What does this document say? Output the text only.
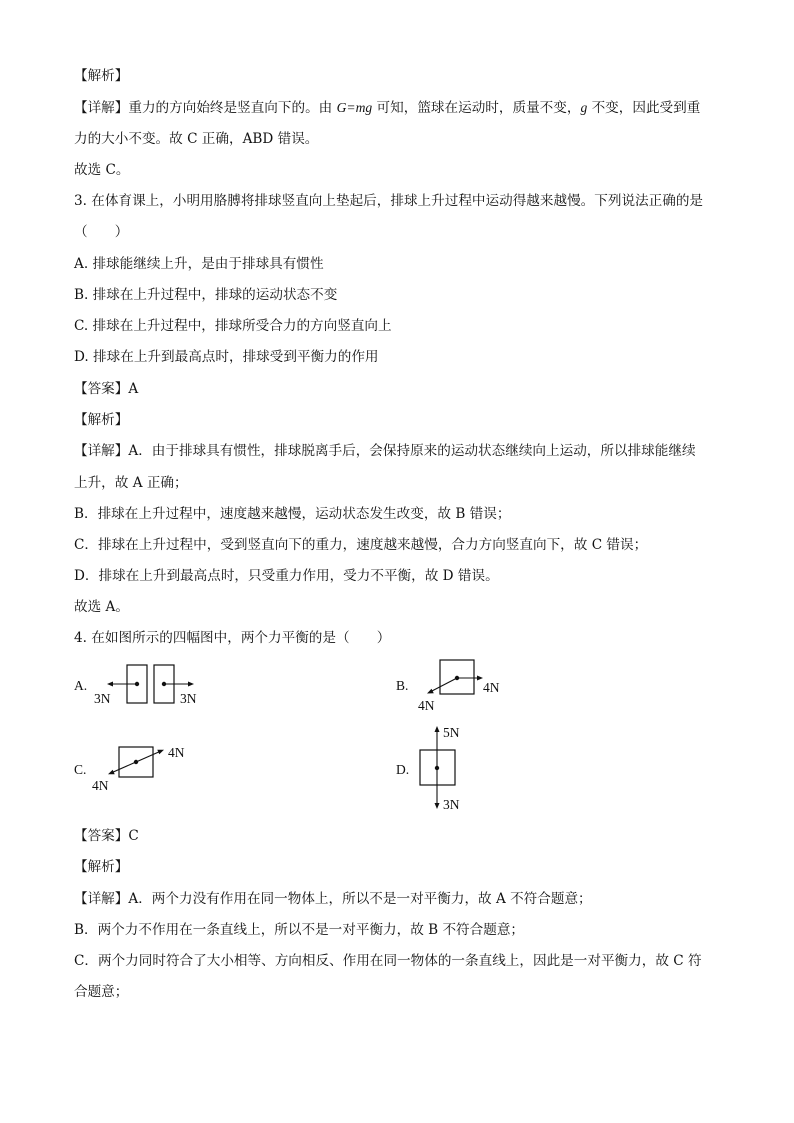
【解析】
【详解】重力的方向始终是竖直向下的。由 G=mg 可知，篮球在运动时，质量不变，g 不变，因此受到重
力的大小不变。故 C 正确，ABD 错误。
故选 C。
3. 在体育课上，小明用胳膊将排球竖直向上垫起后，排球上升过程中运动得越来越慢。下列说法正确的是
（　　）
A. 排球能继续上升，是由于排球具有惯性
B. 排球在上升过程中，排球的运动状态不变
C. 排球在上升过程中，排球所受合力的方向竖直向上
D. 排球在上升到最高点时，排球受到平衡力的作用
【答案】A
【解析】
【详解】A．由于排球具有惯性，排球脱离手后，会保持原来的运动状态继续向上运动，所以排球能继续
上升，故 A 正确；
B．排球在上升过程中，速度越来越慢，运动状态发生改变，故 B 错误；
C．排球在上升过程中，受到竖直向下的重力，速度越来越慢，合力方向竖直向下，故 C 错误；
D．排球在上升到最高点时，只受重力作用，受力不平衡，故 D 错误。
故选 A。
4. 在如图所示的四幅图中，两个力平衡的是（　　）
A.
3N	3N
B.	4N
4N
C.
4N
4N
D.
5N
3N
【答案】C
【解析】
【详解】A．两个力没有作用在同一物体上，所以不是一对平衡力，故 A 不符合题意；
B．两个力不作用在一条直线上，所以不是一对平衡力，故 B 不符合题意；
C．两个力同时符合了大小相等、方向相反、作用在同一物体的一条直线上，因此是一对平衡力，故 C 符
合题意；
